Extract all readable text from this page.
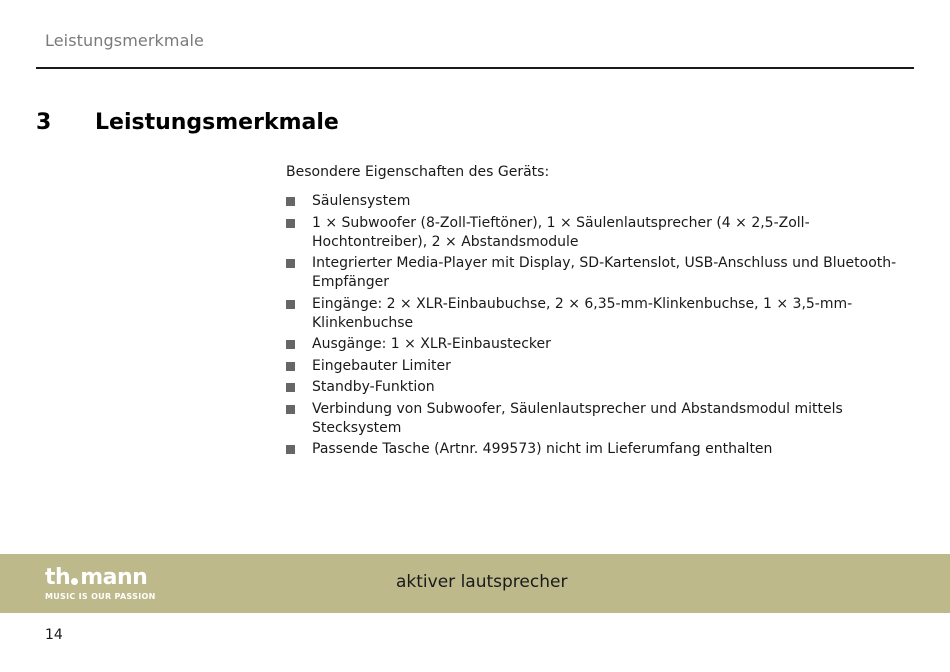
Leistungsmerkmale
3 Leistungsmerkmale
Besondere Eigenschaften des Geräts:
Säulensystem
1 × Subwoofer (8-Zoll-Tieftöner), 1 × Säulenlautsprecher (4 × 2,5-Zoll-Hochtontreiber), 2 × Abstandsmodule
Integrierter Media-Player mit Display, SD-Kartenslot, USB-Anschluss und Bluetooth-Empfänger
Eingänge: 2 × XLR-Einbaubuchse, 2 × 6,35-mm-Klinkenbuchse, 1 × 3,5-mm-Klinkenbuchse
Ausgänge: 1 × XLR-Einbaustecker
Eingebauter Limiter
Standby-Funktion
Verbindung von Subwoofer, Säulenlautsprecher und Abstandsmodul mittels Stecksystem
Passende Tasche (Artnr. 499573) nicht im Lieferumfang enthalten
th mann
MUSIC IS OUR PASSION
aktiver lautsprecher
14
